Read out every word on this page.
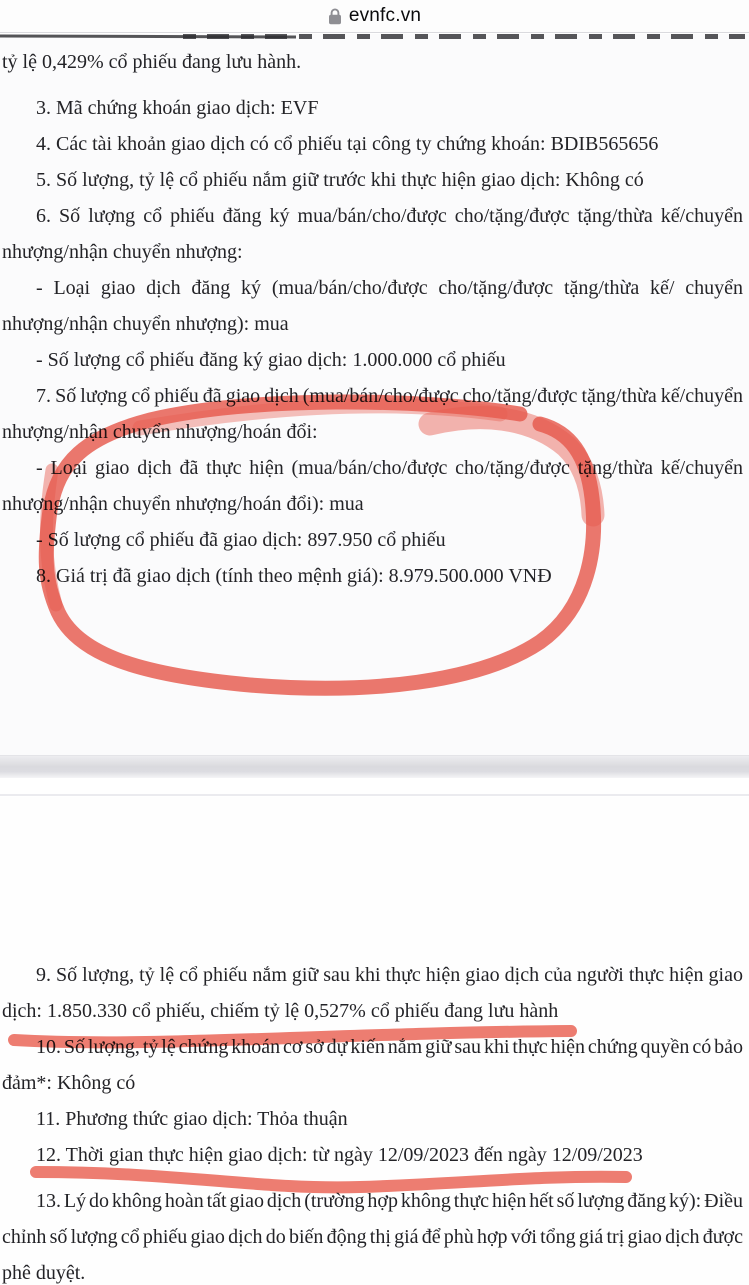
evnfc.vn
tỷ lệ 0,429% cổ phiếu đang lưu hành.
3. Mã chứng khoán giao dịch: EVF
4. Các tài khoản giao dịch có cổ phiếu tại công ty chứng khoán: BDIB565656
5. Số lượng, tỷ lệ cổ phiếu nắm giữ trước khi thực hiện giao dịch: Không có
6. Số lượng cổ phiếu đăng ký mua/bán/cho/được cho/tặng/được tặng/thừa kế/chuyển
nhượng/nhận chuyển nhượng:
- Loại giao dịch đăng ký (mua/bán/cho/được cho/tặng/được tặng/thừa kế/ chuyển
nhượng/nhận chuyển nhượng): mua
- Số lượng cổ phiếu đăng ký giao dịch: 1.000.000 cổ phiếu
7. Số lượng cổ phiếu đã giao dịch (mua/bán/cho/được cho/tặng/được tặng/thừa kế/chuyển
nhượng/nhận chuyển nhượng/hoán đổi:
- Loại giao dịch đã thực hiện (mua/bán/cho/được cho/tặng/được tặng/thừa kế/chuyển
nhượng/nhận chuyển nhượng/hoán đổi): mua
- Số lượng cổ phiếu đã giao dịch: 897.950 cổ phiếu
8. Giá trị đã giao dịch (tính theo mệnh giá): 8.979.500.000 VNĐ
9. Số lượng, tỷ lệ cổ phiếu nắm giữ sau khi thực hiện giao dịch của người thực hiện giao
dịch: 1.850.330 cổ phiếu, chiếm tỷ lệ 0,527% cổ phiếu đang lưu hành
10. Số lượng, tỷ lệ chứng khoán cơ sở dự kiến nắm giữ sau khi thực hiện chứng quyền có bảo
đảm*: Không có
11. Phương thức giao dịch: Thỏa thuận
12. Thời gian thực hiện giao dịch: từ ngày 12/09/2023 đến ngày 12/09/2023
13. Lý do không hoàn tất giao dịch (trường hợp không thực hiện hết số lượng đăng ký): Điều
chỉnh số lượng cổ phiếu giao dịch do biến động thị giá để phù hợp với tổng giá trị giao dịch được
phê duyệt.
